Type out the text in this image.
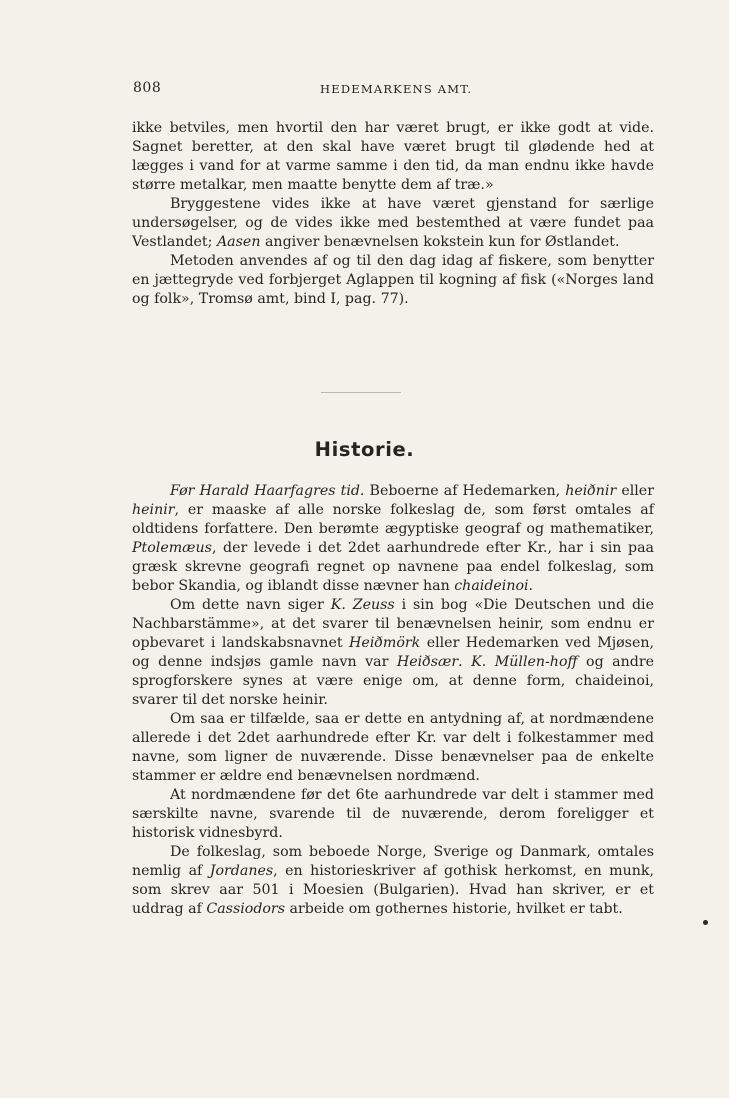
808	HEDEMARKENS AMT.

ikke betviles, men hvortil den har været brugt, er ikke godt at vide. Sagnet beretter, at den skal have været brugt til glødende hed at lægges i vand for at varme samme i den tid, da man endnu ikke havde større metalkar, men maatte benytte dem af træ.»

Bryggestene vides ikke at have været gjenstand for særlige undersøgelser, og de vides ikke med bestemthed at være fundet paa Vestlandet; Aasen angiver benævnelsen kokstein kun for Østlandet.

Metoden anvendes af og til den dag idag af fiskere, som benytter en jættegryde ved forbjerget Aglappen til kogning af fisk («Norges land og folk», Tromsø amt, bind I, pag. 77).

Historie.

Før Harald Haarfagres tid. Beboerne af Hedemarken, heiðnir eller heinir, er maaske af alle norske folkeslag de, som først omtales af oldtidens forfattere. Den berømte ægyptiske geograf og mathematiker, Ptolemæus, der levede i det 2det aarhundrede efter Kr., har i sin paa græsk skrevne geografi regnet op navnene paa endel folkeslag, som bebor Skandia, og iblandt disse nævner han chaideinoi.

Om dette navn siger K. Zeuss i sin bog «Die Deutschen und die Nachbarstämme», at det svarer til benævnelsen heinir, som endnu er opbevaret i landskabsnavnet Heiðmörk eller Hedemarken ved Mjøsen, og denne indsjøs gamle navn var Heiðsær. K. Müllen-hoff og andre sprogforskere synes at være enige om, at denne form, chaideinoi, svarer til det norske heinir.

Om saa er tilfælde, saa er dette en antydning af, at nordmændene allerede i det 2det aarhundrede efter Kr. var delt i folkestammer med navne, som ligner de nuværende. Disse benævnelser paa de enkelte stammer er ældre end benævnelsen nordmænd.

At nordmændene før det 6te aarhundrede var delt i stammer med særskilte navne, svarende til de nuværende, derom foreligger et historisk vidnesbyrd.

De folkeslag, som beboede Norge, Sverige og Danmark, omtales nemlig af Jordanes, en historieskriver af gothisk herkomst, en munk, som skrev aar 501 i Moesien (Bulgarien). Hvad han skriver, er et uddrag af Cassiodors arbeide om gothernes historie, hvilket er tabt.
